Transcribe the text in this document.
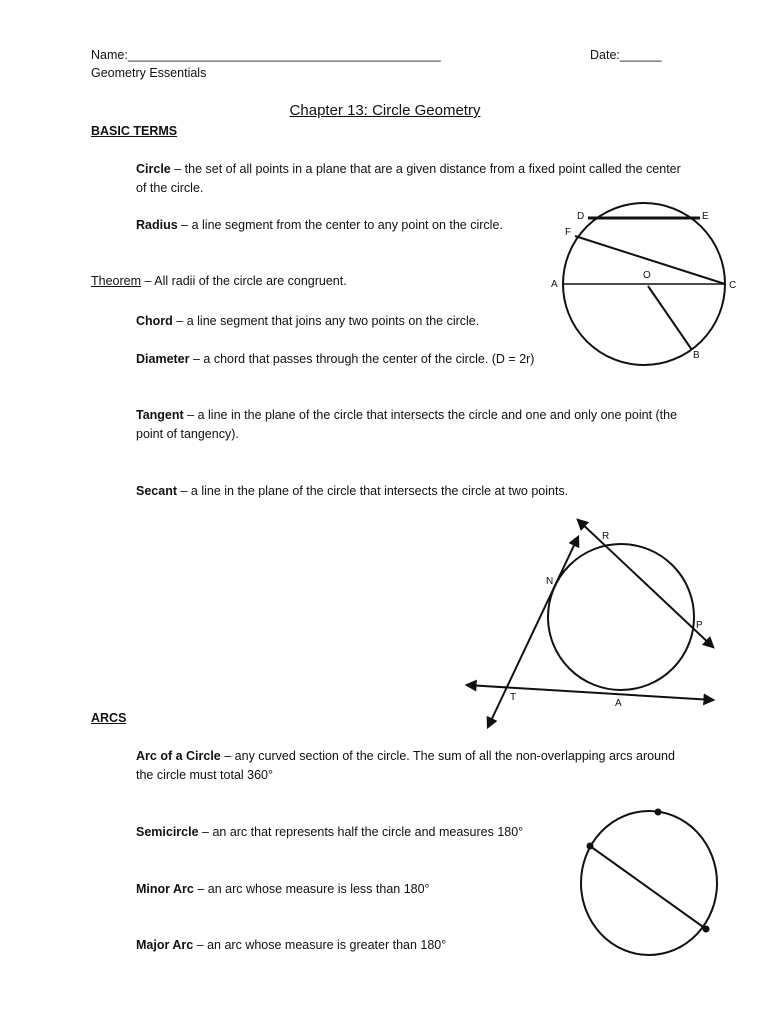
Name:_____________________________________________	Date:______
Geometry Essentials
Chapter 13: Circle Geometry
BASIC TERMS
Circle – the set of all points in a plane that are a given distance from a fixed point called the center of the circle.
Radius – a line segment from the center to any point on the circle.
Theorem – All radii of the circle are congruent.
Chord – a line segment that joins any two points on the circle.
Diameter – a chord that passes through the center of the circle. (D = 2r)
Tangent – a line in the plane of the circle that intersects the circle and one and only one point (the point of tangency).
Secant – a line in the plane of the circle that intersects the circle at two points.
ARCS
Arc of a Circle – any curved section of the circle. The sum of all the non-overlapping arcs around the circle must total 360°
Semicircle – an arc that represents half the circle and measures 180°
Minor Arc – an arc whose measure is less than 180°
Major Arc – an arc whose measure is greater than 180°
D	E
F
A
O
C
B
R
N
P
T
A
